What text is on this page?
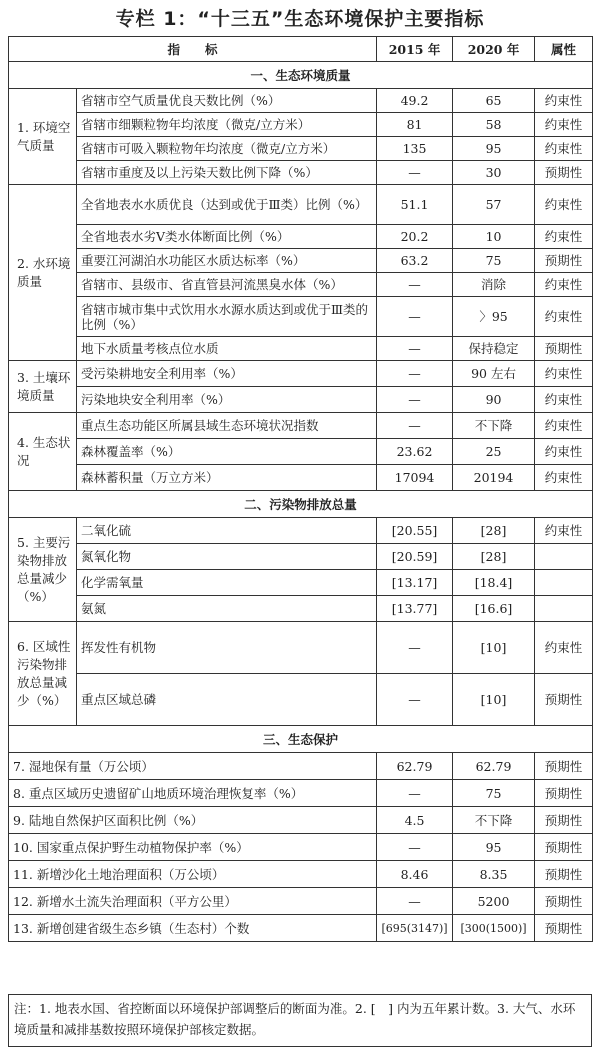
专栏 1：“十三五”生态环境保护主要指标
指　　标		2015 年	2020 年	属性
一、生态环境质量				
1. 环境空气质量	省辖市空气质量优良天数比例（%）	49.2	65	约束性
	省辖市细颗粒物年均浓度（微克/立方米）	81	58	约束性
	省辖市可吸入颗粒物年均浓度（微克/立方米）	135	95	约束性
	省辖市重度及以上污染天数比例下降（%）	—	30	预期性
2. 水环境质量	全省地表水水质优良（达到或优于Ⅲ类）比例（%）	51.1	57	约束性
	全省地表水劣Ⅴ类水体断面比例（%）	20.2	10	约束性
	重要江河湖泊水功能区水质达标率（%）	63.2	75	预期性
	省辖市、县级市、省直管县河流黑臭水体（%）	—	消除	约束性
	省辖市城市集中式饮用水水源水质达到或优于Ⅲ类的比例（%）	—	〉95	约束性
	地下水质量考核点位水质	—	保持稳定	预期性
3. 土壤环境质量	受污染耕地安全利用率（%）	—	90 左右	约束性
	污染地块安全利用率（%）	—	90	约束性
4. 生态状况	重点生态功能区所属县域生态环境状况指数	—	不下降	约束性
	森林覆盖率（%）	23.62	25	约束性
	森林蓄积量（万立方米）	17094	20194	约束性
二、污染物排放总量				
5. 主要污染物排放总量减少（%）	二氧化硫	[20.55]	[28]	约束性
	氮氧化物	[20.59]	[28]	
	化学需氧量	[13.17]	[18.4]	
	氨氮	[13.77]	[16.6]	
6. 区域性污染物排放总量减少（%）	挥发性有机物	—	[10]	约束性
	重点区域总磷	—	[10]	预期性
三、生态保护				
7. 湿地保有量（万公顷）		62.79	62.79	预期性
8. 重点区域历史遗留矿山地质环境治理恢复率（%）		—	75	预期性
9. 陆地自然保护区面积比例（%）		4.5	不下降	预期性
10. 国家重点保护野生动植物保护率（%）		—	95	预期性
11. 新增沙化土地治理面积（万公顷）		8.46	8.35	预期性
12. 新增水土流失治理面积（平方公里）		—	5200	预期性
13. 新增创建省级生态乡镇（生态村）个数		[695(3147)]	[300(1500)]	预期性
注：1. 地表水国、省控断面以环境保护部调整后的断面为准。2. [　] 内为五年累计数。3. 大气、水环境质量和减排基数按照环境保护部核定数据。
